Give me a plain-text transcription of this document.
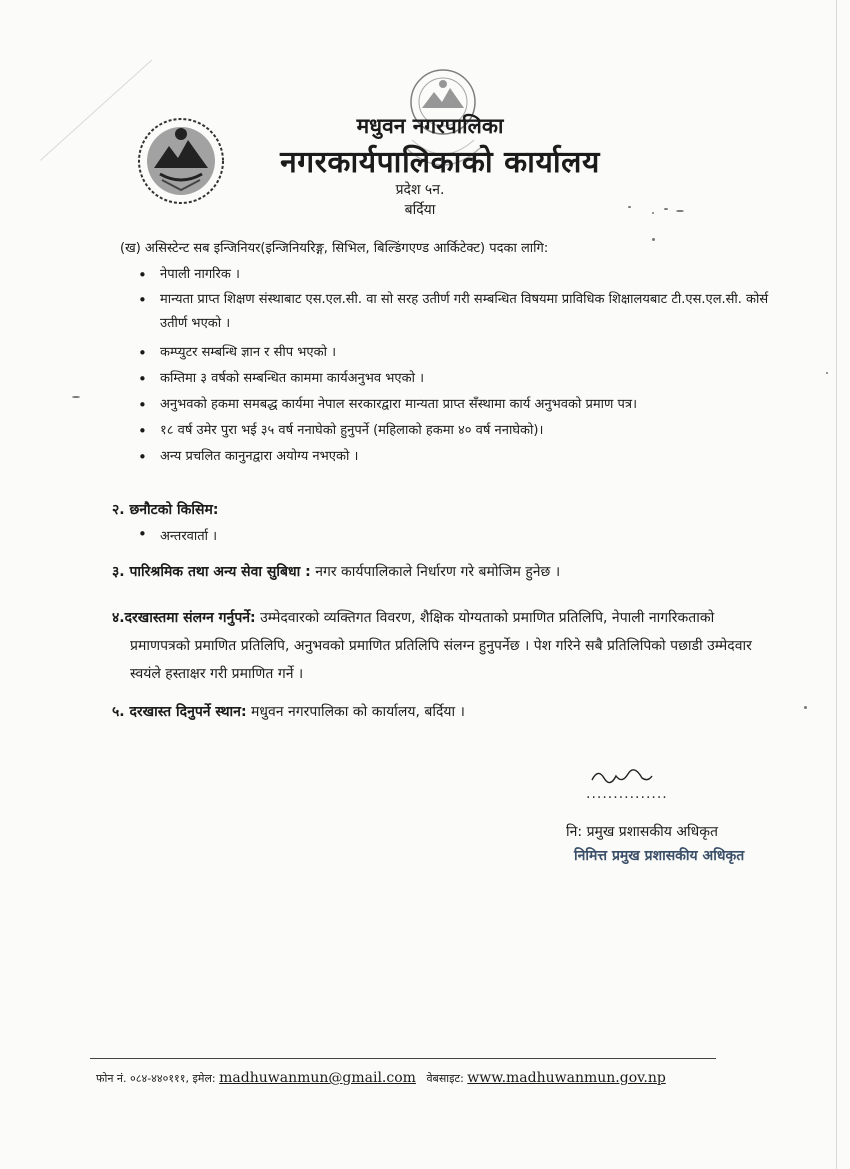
मधुवन नगरपालिका
नगरकार्यपालिकाको कार्यालय
प्रदेश ५न.
बर्दिया
(ख) असिस्टेन्ट सब इन्जिनियर(इन्जिनियरिङ्ग, सिभिल, बिल्डिंगएण्ड आर्किटेक्ट) पदका लागि:
• नेपाली नागरिक ।
• मान्यता प्राप्त शिक्षण संस्थाबाट एस.एल.सी. वा सो सरह उतीर्ण गरी सम्बन्धित विषयमा प्राविधिक शिक्षालयबाट टी.एस.एल.सी. कोर्स उतीर्ण भएको ।
• कम्प्युटर सम्बन्धि ज्ञान र सीप भएको ।
• कम्तिमा ३ वर्षको सम्बन्धित काममा कार्यअनुभव भएको ।
• अनुभवको हकमा समबद्ध कार्यमा नेपाल सरकारद्वारा मान्यता प्राप्त सँस्थामा कार्य अनुभवको प्रमाण पत्र।
• १८ वर्ष उमेर पुरा भई ३५ वर्ष ननाघेको हुनुपर्ने (महिलाको हकमा ४० वर्ष ननाघेको)।
• अन्य प्रचलित कानुनद्वारा अयोग्य नभएको ।
२. छनौटको किसिम:
• अन्तरवार्ता ।
३. पारिश्रमिक तथा अन्य सेवा सुबिधा : नगर कार्यपालिकाले निर्धारण गरे बमोजिम हुनेछ ।
४.दरखास्तमा संलग्न गर्नुपर्ने: उम्मेदवारको व्यक्तिगत विवरण, शैक्षिक योग्यताको प्रमाणित प्रतिलिपि, नेपाली नागरिकताको प्रमाणपत्रको प्रमाणित प्रतिलिपि, अनुभवको प्रमाणित प्रतिलिपि संलग्न हुनुपर्नेछ । पेश गरिने सबै प्रतिलिपिको पछाडी उम्मेदवार स्वयंले हस्ताक्षर गरी प्रमाणित गर्ने ।
५. दरखास्त दिनुपर्ने स्थान: मधुवन नगरपालिका को कार्यालय, बर्दिया ।
...............
नि: प्रमुख प्रशासकीय अधिकृत
निमित्त प्रमुख प्रशासकीय अधिकृत
फोन नं. ०८४-४४०१११, इमेल: madhuwanmun@gmail.com वेबसाइट: www.madhuwanmun.gov.np
